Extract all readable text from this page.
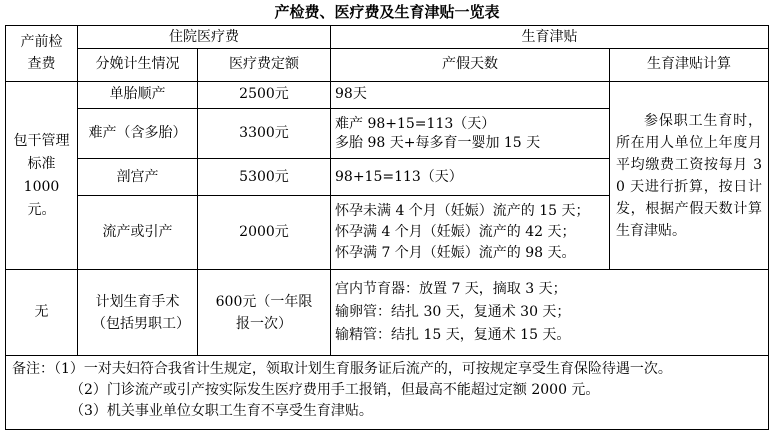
产检费、医疗费及生育津贴一览表
产前检查费	住院医疗费		生育津贴	
	分娩计生情况	医疗费定额	产假天数	生育津贴计算
包干管理标准1000元。	单胎顺产	2500元	98天	参保职工生育时，所在用人单位上年度月平均缴费工资按每月 30 天进行折算，按日计发，根据产假天数计算生育津贴。
	难产（含多胎）	3300元	难产 98+15=113（天）
多胎 98 天+每多育一婴加 15 天	

	剖宫产	5300元	98+15=113（天）	

	流产或引产	2000元	怀孕未满 4 个月（妊娠）流产的 15 天；
怀孕满 4 个月（妊娠）流产的 42 天；
怀孕满 7 个月（妊娠）流产的 98 天。	

无	计划生育手术（包括男职工）	600元（一年限报一次）	宫内节育器：放置 7 天，摘取 3 天；
输卵管：结扎 30 天，复通术 30 天；
输精管：结扎 15 天，复通术 15 天。	

备注：（1）一对夫妇符合我省计生规定，领取计划生育服务证后流产的，可按规定享受生育保险待遇一次。
（2）门诊流产或引产按实际发生医疗费用手工报销，但最高不能超过定额 2000 元。
（3）机关事业单位女职工生育不享受生育津贴。				
